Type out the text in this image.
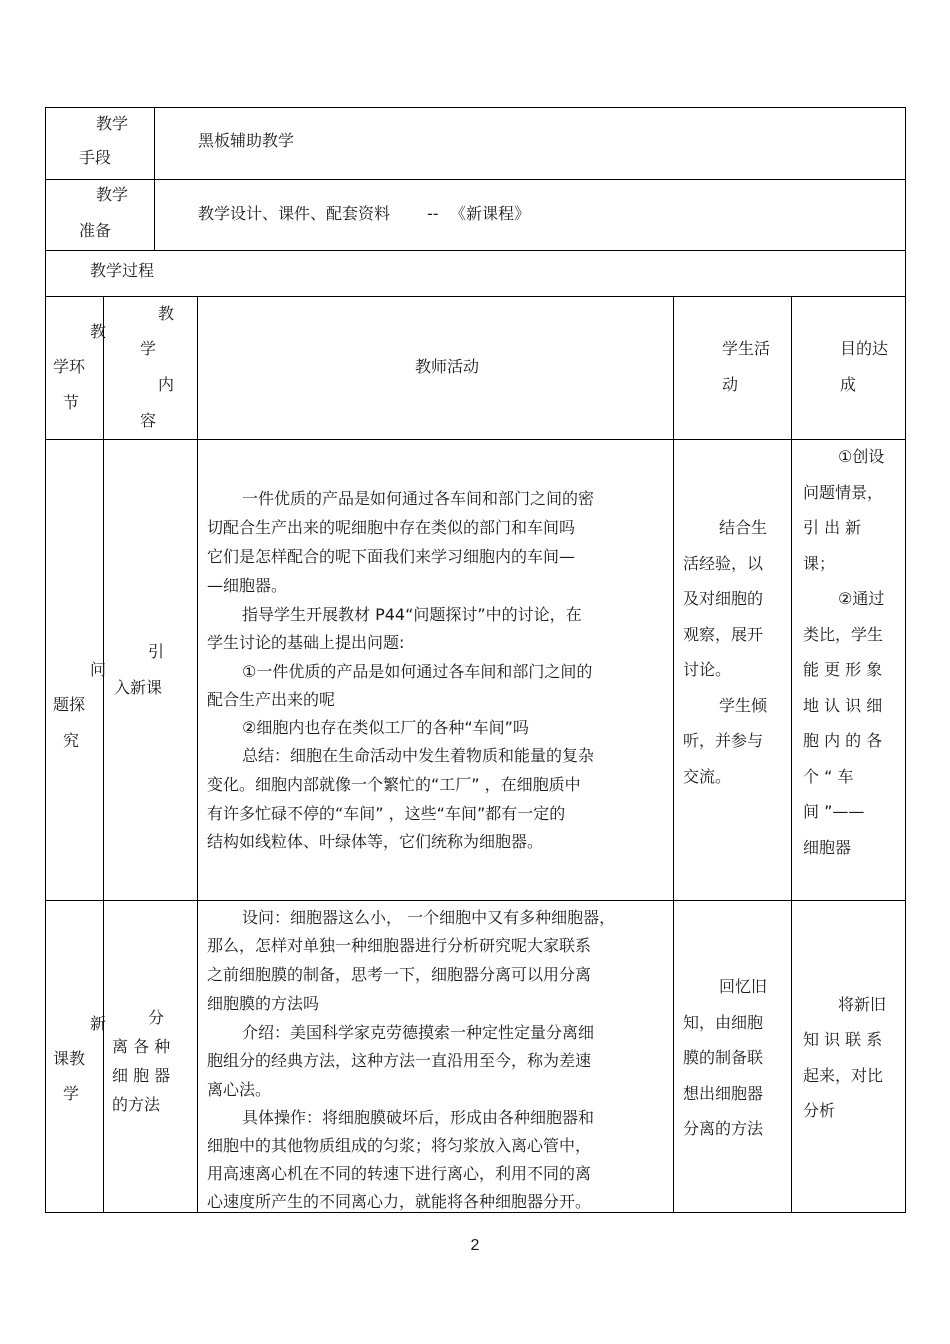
教学
手段
黑板辅助教学
教学
准备
教学设计、课件、配套资料 -- 《新课程》
教学过程
教
学环
节
教
学
内
容
教师活动
学生活
动
目的达
成
问
题探
究
引
入新课
一件优质的产品是如何通过各车间和部门之间的密
切配合生产出来的呢细胞中存在类似的部门和车间吗
它们是怎样配合的呢下面我们来学习细胞内的车间—
—细胞器。
指导学生开展教材 P44“问题探讨”中的讨论，在
学生讨论的基础上提出问题:
①一件优质的产品是如何通过各车间和部门之间的
配合生产出来的呢
②细胞内也存在类似工厂的各种“车间”吗
总结：细胞在生命活动中发生着物质和能量的复杂
变化。细胞内部就像一个繁忙的“工厂” ，在细胞质中
有许多忙碌不停的“车间” ，这些“车间”都有一定的
结构如线粒体、叶绿体等，它们统称为细胞器。
结合生
活经验，以
及对细胞的
观察，展开
讨论。
学生倾
听，并参与
交流。
①创设
问题情景，
引 出 新
课；
②通过
类比，学生
能 更 形 象
地 认 识 细
胞 内 的 各
个 “ 车
间 ”——
细胞器
新
课教
学
分
离 各 种
细 胞 器
的方法
设问：细胞器这么小， 一个细胞中又有多种细胞器，
那么，怎样对单独一种细胞器进行分析研究呢大家联系
之前细胞膜的制备，思考一下，细胞器分离可以用分离
细胞膜的方法吗
介绍：美国科学家克劳德摸索一种定性定量分离细
胞组分的经典方法，这种方法一直沿用至今，称为差速
离心法。
具体操作：将细胞膜破坏后，形成由各种细胞器和
细胞中的其他物质组成的匀浆；将匀浆放入离心管中，
用高速离心机在不同的转速下进行离心，利用不同的离
心速度所产生的不同离心力，就能将各种细胞器分开。
回忆旧
知，由细胞
膜的制备联
想出细胞器
分离的方法
将新旧
知 识 联 系
起来，对比
分析
2
